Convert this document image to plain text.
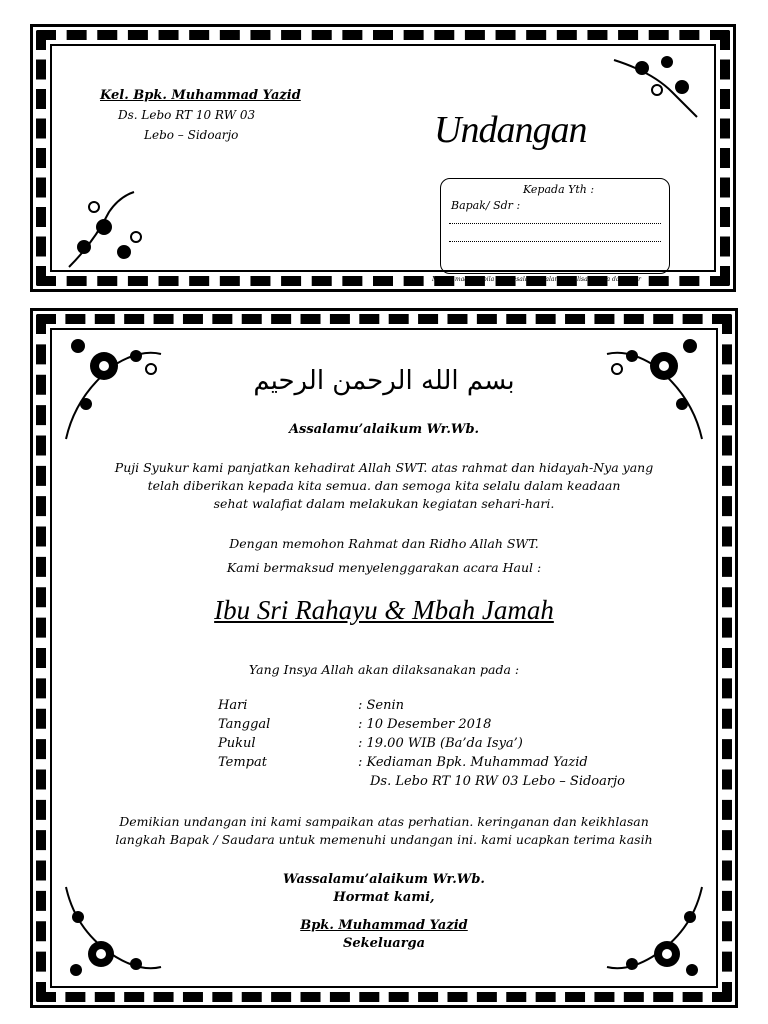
Kel. Bpk. Muhammad Yazid
Ds. Lebo RT 10 RW 03
Lebo – Sidoarjo	Undangan
Kepada Yth :
Bapak/ Sdr :
Mohon maaf apabila ada kesalahan dalam Penulisan nama dan gelar
بسم الله الرحمن الرحيم
Assalamu’alaikum Wr.Wb.
Puji Syukur kami panjatkan kehadirat Allah SWT. atas rahmat dan hidayah-Nya yang
telah diberikan kepada kita semua. dan semoga kita selalu dalam keadaan
sehat walafiat dalam melakukan kegiatan sehari-hari.
Dengan memohon Rahmat dan Ridho Allah SWT.
Kami bermaksud menyelenggarakan acara Haul :
Ibu Sri Rahayu & Mbah Jamah
Yang Insya Allah akan dilaksanakan pada :
Hari	: Senin
Tanggal	: 10 Desember 2018
Pukul	: 19.00 WIB (Ba’da Isya’)
Tempat	: Kediaman Bpk. Muhammad Yazid
Ds. Lebo RT 10 RW 03 Lebo – Sidoarjo
Demikian undangan ini kami sampaikan atas perhatian. keringanan dan keikhlasan
langkah Bapak / Saudara untuk memenuhi undangan ini. kami ucapkan terima kasih
Wassalamu’alaikum Wr.Wb.
Hormat kami,
Bpk. Muhammad Yazid
Sekeluarga
